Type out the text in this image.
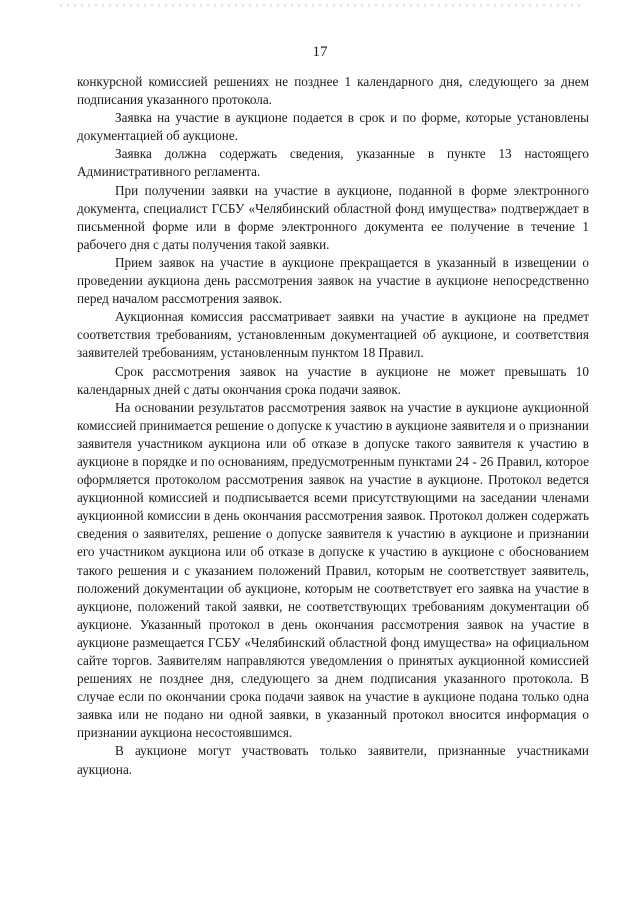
17

конкурсной комиссией решениях не позднее 1 календарного дня, следующего за днем подписания указанного протокола.

Заявка на участие в аукционе подается в срок и по форме, которые установлены документацией об аукционе.

Заявка должна содержать сведения, указанные в пункте 13 настоящего Административного регламента.

При получении заявки на участие в аукционе, поданной в форме электронного документа, специалист ГСБУ «Челябинский областной фонд имущества» подтверждает в письменной форме или в форме электронного документа ее получение в течение 1 рабочего дня с даты получения такой заявки.

Прием заявок на участие в аукционе прекращается в указанный в извещении о проведении аукциона день рассмотрения заявок на участие в аукционе непосредственно перед началом рассмотрения заявок.

Аукционная комиссия рассматривает заявки на участие в аукционе на предмет соответствия требованиям, установленным документацией об аукционе, и соответствия заявителей требованиям, установленным пунктом 18 Правил.

Срок рассмотрения заявок на участие в аукционе не может превышать 10 календарных дней с даты окончания срока подачи заявок.

На основании результатов рассмотрения заявок на участие в аукционе аукционной комиссией принимается решение о допуске к участию в аукционе заявителя и о признании заявителя участником аукциона или об отказе в допуске такого заявителя к участию в аукционе в порядке и по основаниям, предусмотренным пунктами 24 - 26 Правил, которое оформляется протоколом рассмотрения заявок на участие в аукционе. Протокол ведется аукционной комиссией и подписывается всеми присутствующими на заседании членами аукционной комиссии в день окончания рассмотрения заявок. Протокол должен содержать сведения о заявителях, решение о допуске заявителя к участию в аукционе и признании его участником аукциона или об отказе в допуске к участию в аукционе с обоснованием такого решения и с указанием положений Правил, которым не соответствует заявитель, положений документации об аукционе, которым не соответствует его заявка на участие в аукционе, положений такой заявки, не соответствующих требованиям документации об аукционе. Указанный протокол в день окончания рассмотрения заявок на участие в аукционе размещается ГСБУ «Челябинский областной фонд имущества» на официальном сайте торгов. Заявителям направляются уведомления о принятых аукционной комиссией решениях не позднее дня, следующего за днем подписания указанного протокола. В случае если по окончании срока подачи заявок на участие в аукционе подана только одна заявка или не подано ни одной заявки, в указанный протокол вносится информация о признании аукциона несостоявшимся.

В аукционе могут участвовать только заявители, признанные участниками аукциона.
